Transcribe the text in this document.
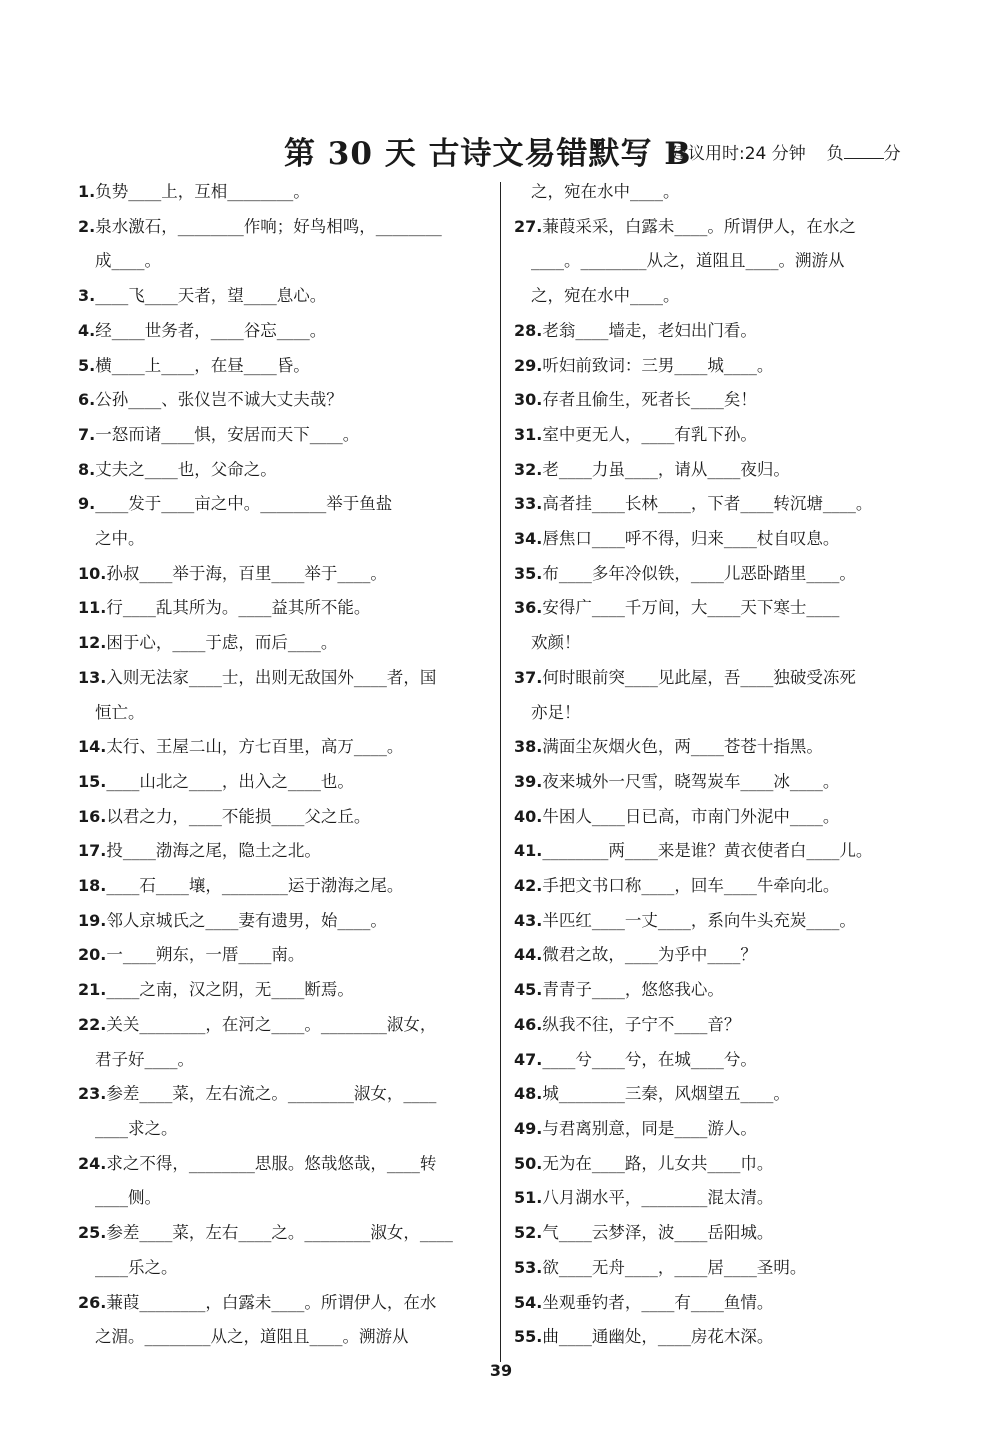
第 30 天 古诗文易错默写 B
建议用时:24 分钟 负 分
1.负势____上，互相________。
2.泉水激石，________作响；好鸟相鸣，________
成____。
3.____飞____天者，望____息心。
4.经____世务者，____谷忘____。
5.横____上____，在昼____昏。
6.公孙____、张仪岂不诚大丈夫哉？
7.一怒而诸____惧，安居而天下____。
8.丈夫之____也，父命之。
9.____发于____亩之中。________举于鱼盐
之中。
10.孙叔____举于海，百里____举于____。
11.行____乱其所为。____益其所不能。
12.困于心，____于虑，而后____。
13.入则无法家____士，出则无敌国外____者，国
恒亡。
14.太行、王屋二山，方七百里，高万____。
15.____山北之____，出入之____也。
16.以君之力，____不能损____父之丘。
17.投____渤海之尾，隐土之北。
18.____石____壤，________运于渤海之尾。
19.邻人京城氏之____妻有遗男，始____。
20.一____朔东，一厝____南。
21.____之南，汉之阴，无____断焉。
22.关关________，在河之____。________淑女，
君子好____。
23.参差____菜，左右流之。________淑女，____
____求之。
24.求之不得，________思服。悠哉悠哉，____转
____侧。
25.参差____菜，左右____之。________淑女，____
____乐之。
26.蒹葭________，白露未____。所谓伊人，在水
之湄。________从之，道阻且____。溯游从
之，宛在水中____。
27.蒹葭采采，白露未____。所谓伊人，在水之
____。________从之，道阻且____。溯游从
之，宛在水中____。
28.老翁____墙走，老妇出门看。
29.听妇前致词：三男____城____。
30.存者且偷生，死者长____矣！
31.室中更无人，____有乳下孙。
32.老____力虽____，请从____夜归。
33.高者挂____长林____，下者____转沉塘____。
34.唇焦口____呼不得，归来____杖自叹息。
35.布____多年冷似铁，____儿恶卧踏里____。
36.安得广____千万间，大____天下寒士____
欢颜！
37.何时眼前突____见此屋，吾____独破受冻死
亦足！
38.满面尘灰烟火色，两____苍苍十指黑。
39.夜来城外一尺雪，晓驾炭车____冰____。
40.牛困人____日已高，市南门外泥中____。
41.________两____来是谁？黄衣使者白____儿。
42.手把文书口称____，回车____牛牵向北。
43.半匹红____一丈____，系向牛头充炭____。
44.微君之故，____为乎中____？
45.青青子____，悠悠我心。
46.纵我不往，子宁不____音？
47.____兮____兮，在城____兮。
48.城________三秦，风烟望五____。
49.与君离别意，同是____游人。
50.无为在____路，儿女共____巾。
51.八月湖水平，________混太清。
52.气____云梦泽，波____岳阳城。
53.欲____无舟____，____居____圣明。
54.坐观垂钓者，____有____鱼情。
55.曲____通幽处，____房花木深。
39
